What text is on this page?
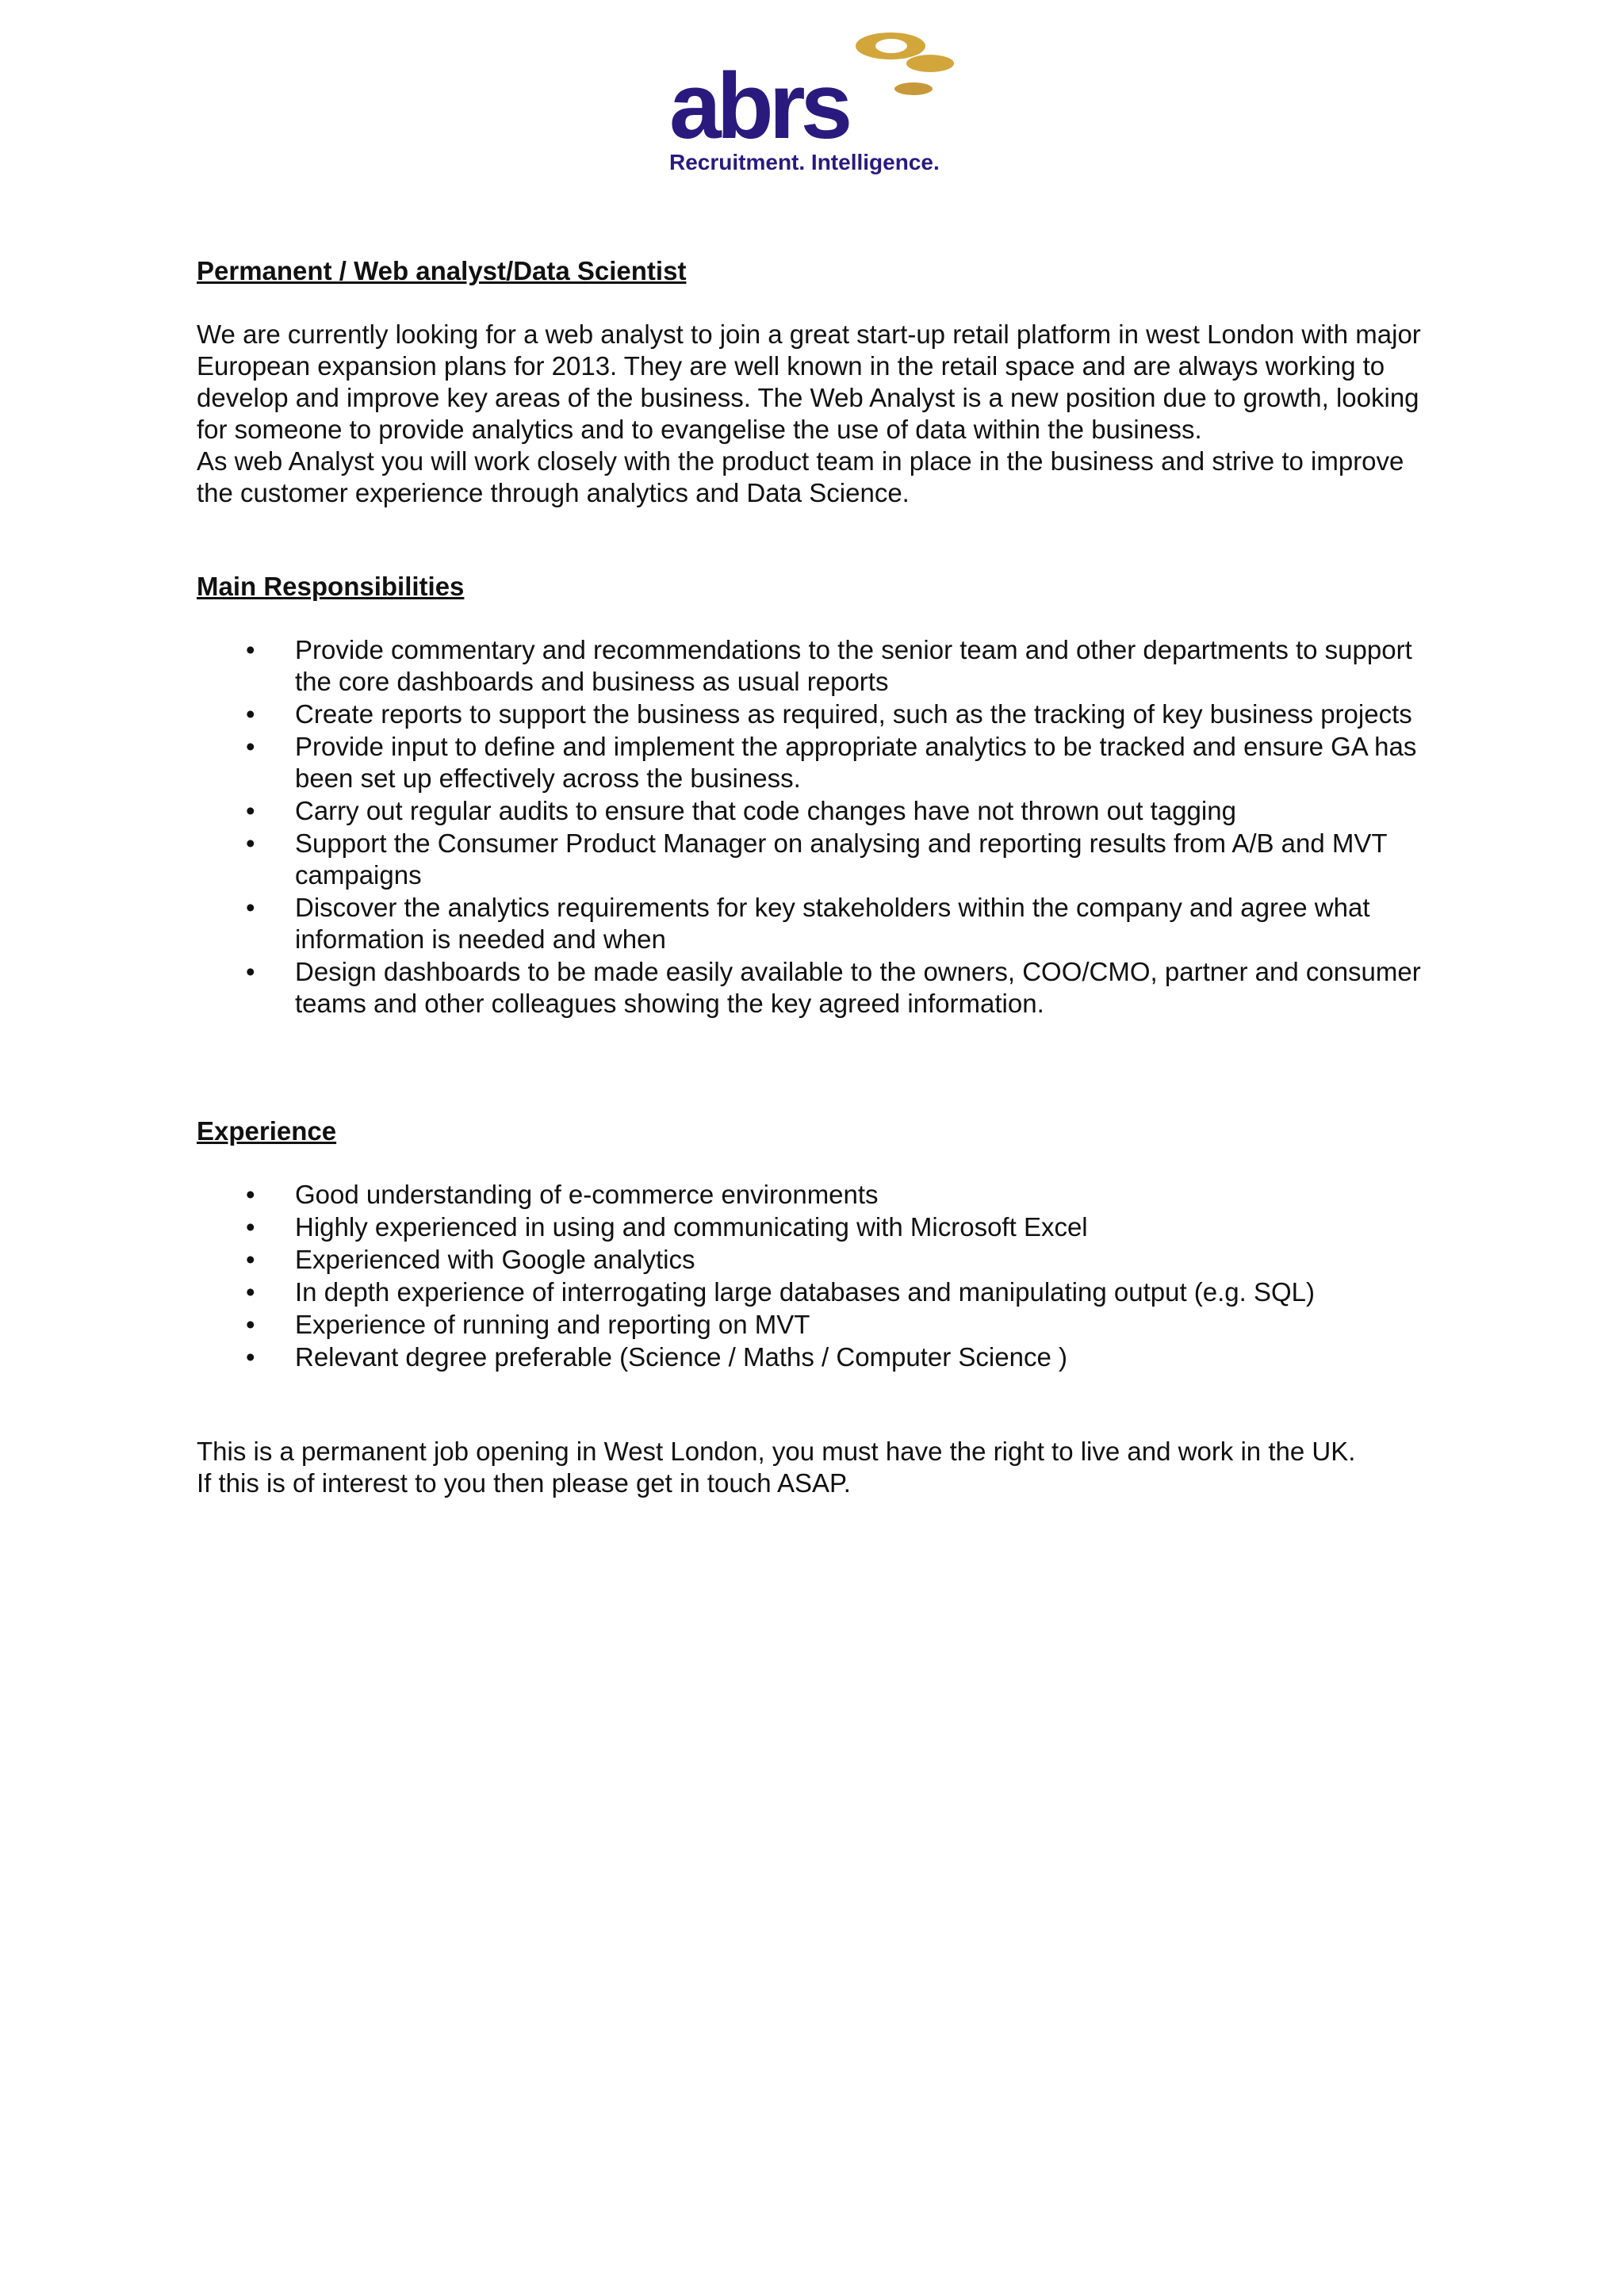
abrs
Recruitment. Intelligence.

Permanent / Web analyst/Data Scientist

We are currently looking for a web analyst to join a great start-up retail platform in west London with major European expansion plans for 2013. They are well known in the retail space and are always working to develop and improve key areas of the business. The Web Analyst is a new position due to growth, looking for someone to provide analytics and to evangelise the use of data within the business.

As web Analyst you will work closely with the product team in place in the business and strive to improve the customer experience through analytics and Data Science.

Main Responsibilities

• Provide commentary and recommendations to the senior team and other departments to support the core dashboards and business as usual reports
• Create reports to support the business as required, such as the tracking of key business projects
• Provide input to define and implement the appropriate analytics to be tracked and ensure GA has been set up effectively across the business.
• Carry out regular audits to ensure that code changes have not thrown out tagging
• Support the Consumer Product Manager on analysing and reporting results from A/B and MVT campaigns
• Discover the analytics requirements for key stakeholders within the company and agree what information is needed and when
• Design dashboards to be made easily available to the owners, COO/CMO, partner and consumer teams and other colleagues showing the key agreed information.

Experience

• Good understanding of e-commerce environments
• Highly experienced in using and communicating with Microsoft Excel
• Experienced with Google analytics
• In depth experience of interrogating large databases and manipulating output (e.g. SQL)
• Experience of running and reporting on MVT
• Relevant degree preferable (Science / Maths / Computer Science )

This is a permanent job opening in West London, you must have the right to live and work in the UK.

If this is of interest to you then please get in touch ASAP.
